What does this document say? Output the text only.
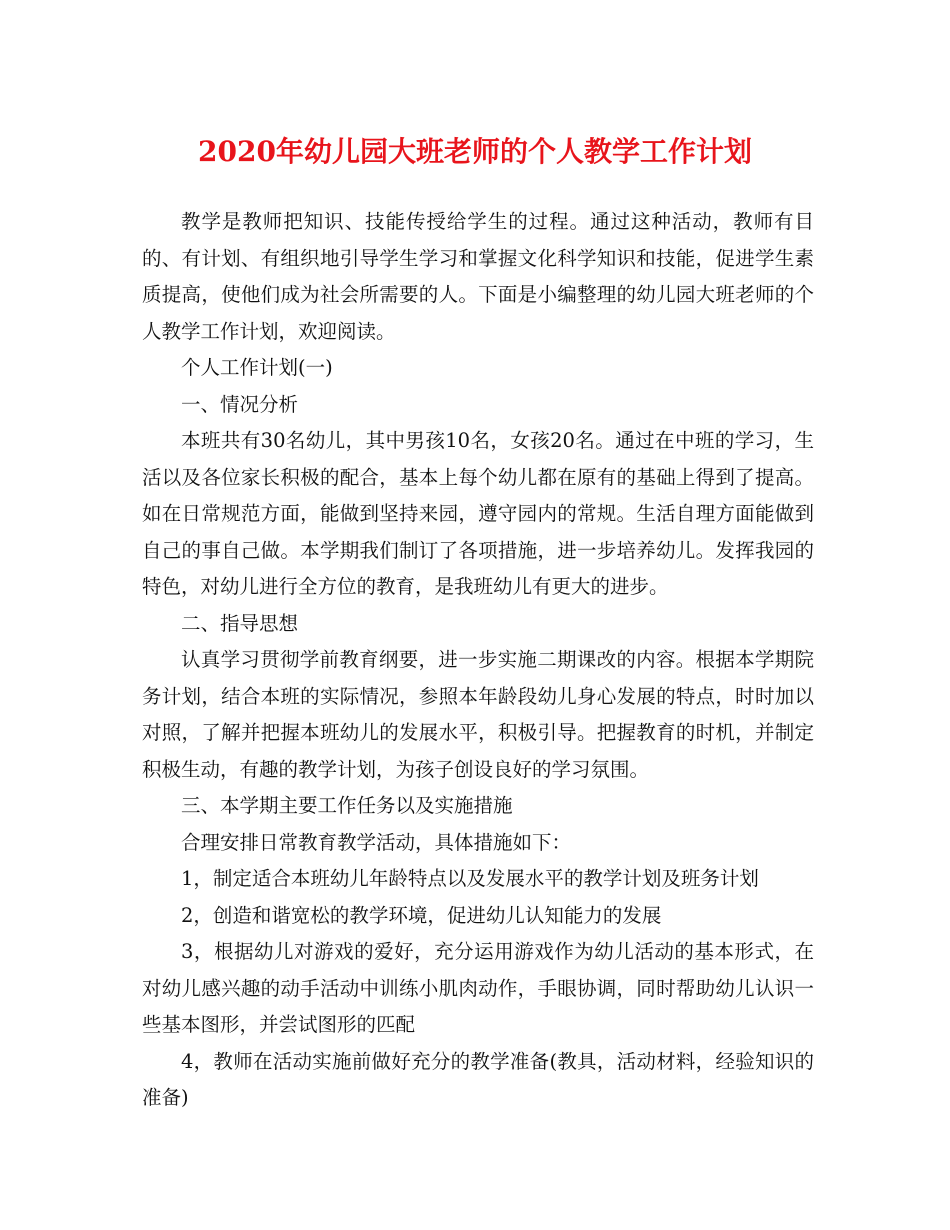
2020年幼儿园大班老师的个人教学工作计划

教学是教师把知识、技能传授给学生的过程。通过这种活动，教师有目的、有计划、有组织地引导学生学习和掌握文化科学知识和技能，促进学生素质提高，使他们成为社会所需要的人。下面是小编整理的幼儿园大班老师的个人教学工作计划，欢迎阅读。

个人工作计划(一)

一、情况分析

本班共有30名幼儿，其中男孩10名，女孩20名。通过在中班的学习，生活以及各位家长积极的配合，基本上每个幼儿都在原有的基础上得到了提高。如在日常规范方面，能做到坚持来园，遵守园内的常规。生活自理方面能做到自己的事自己做。本学期我们制订了各项措施，进一步培养幼儿。发挥我园的特色，对幼儿进行全方位的教育，是我班幼儿有更大的进步。

二、指导思想

认真学习贯彻学前教育纲要，进一步实施二期课改的内容。根据本学期院务计划，结合本班的实际情况，参照本年龄段幼儿身心发展的特点，时时加以对照，了解并把握本班幼儿的发展水平，积极引导。把握教育的时机，并制定积极生动，有趣的教学计划，为孩子创设良好的学习氛围。

三、本学期主要工作任务以及实施措施

合理安排日常教育教学活动，具体措施如下：

1，制定适合本班幼儿年龄特点以及发展水平的教学计划及班务计划

2，创造和谐宽松的教学环境，促进幼儿认知能力的发展

3，根据幼儿对游戏的爱好，充分运用游戏作为幼儿活动的基本形式，在对幼儿感兴趣的动手活动中训练小肌肉动作，手眼协调，同时帮助幼儿认识一些基本图形，并尝试图形的匹配

4，教师在活动实施前做好充分的教学准备(教具，活动材料，经验知识的准备)
